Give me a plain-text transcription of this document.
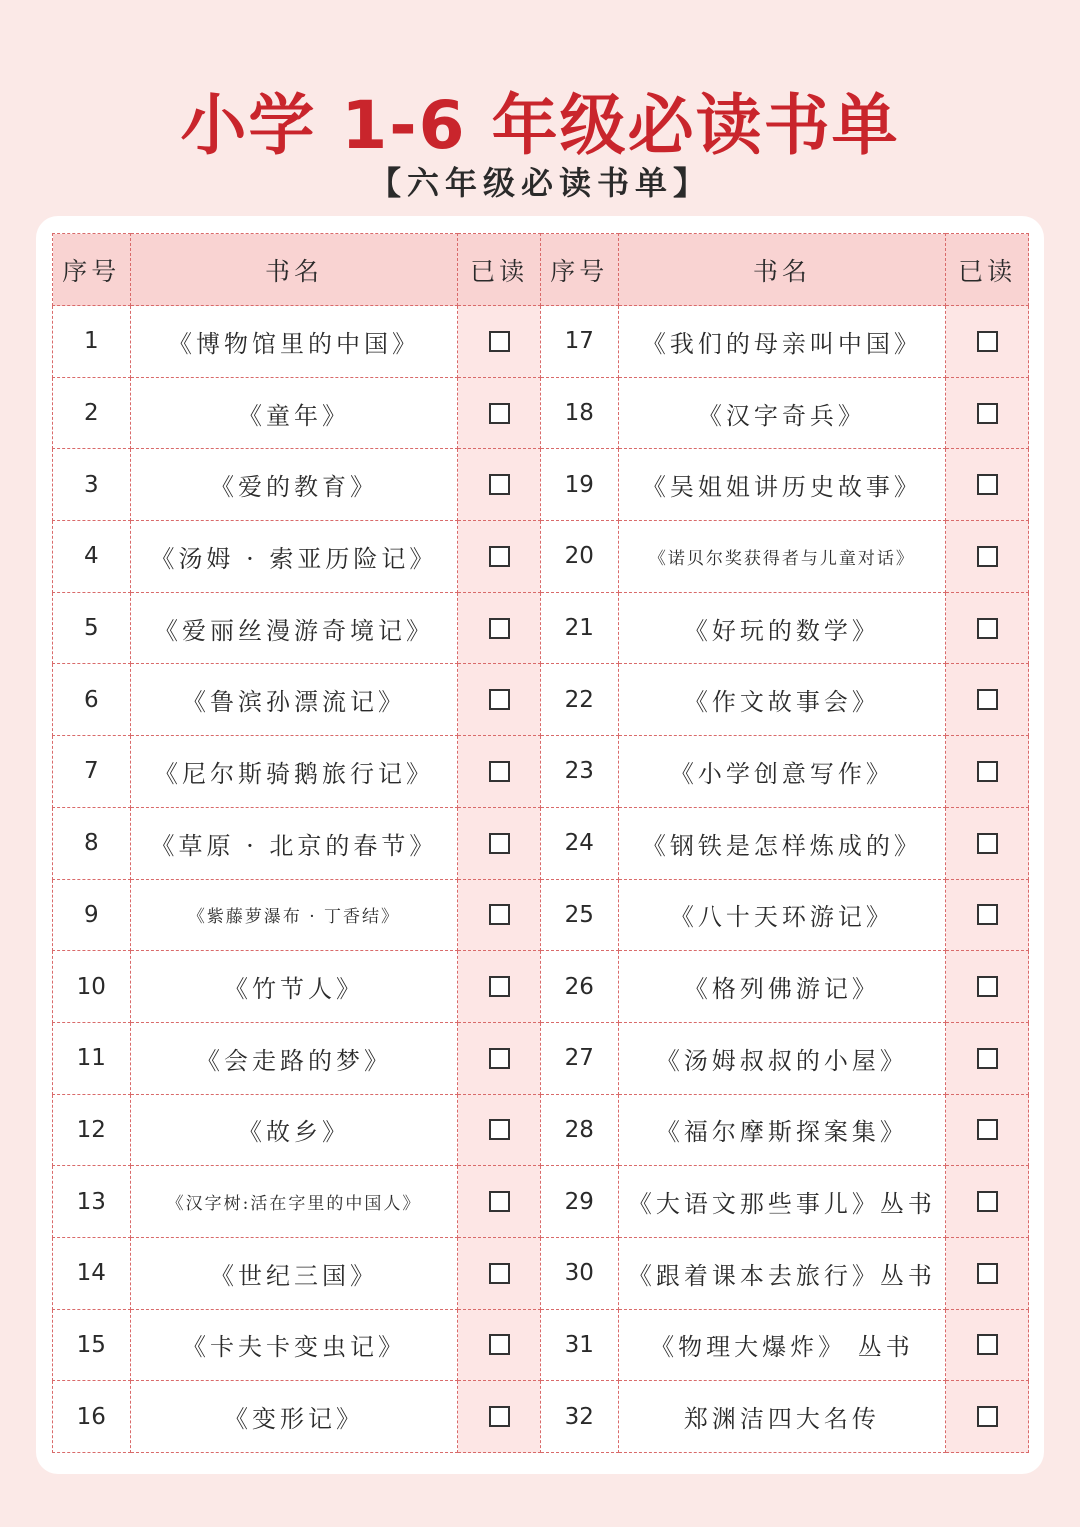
小学 1-6 年级必读书单
【六年级必读书单】
序号	书名	已读	序号	书名	已读
1	《博物馆里的中国》		17	《我们的母亲叫中国》	
2	《童年》		18	《汉字奇兵》	
3	《爱的教育》		19	《吴姐姐讲历史故事》	
4	《汤姆 · 索亚历险记》		20	《诺贝尔奖获得者与儿童对话》	
5	《爱丽丝漫游奇境记》		21	《好玩的数学》	
6	《鲁滨孙漂流记》		22	《作文故事会》	
7	《尼尔斯骑鹅旅行记》		23	《小学创意写作》	
8	《草原 · 北京的春节》		24	《钢铁是怎样炼成的》	
9	《紫藤萝瀑布 · 丁香结》		25	《八十天环游记》	
10	《竹节人》		26	《格列佛游记》	
11	《会走路的梦》		27	《汤姆叔叔的小屋》	
12	《故乡》		28	《福尔摩斯探案集》	
13	《汉字树:活在字里的中国人》		29	《大语文那些事儿》丛书	
14	《世纪三国》		30	《跟着课本去旅行》丛书	
15	《卡夫卡变虫记》		31	《物理大爆炸》 丛书	
16	《变形记》		32	郑渊洁四大名传	
